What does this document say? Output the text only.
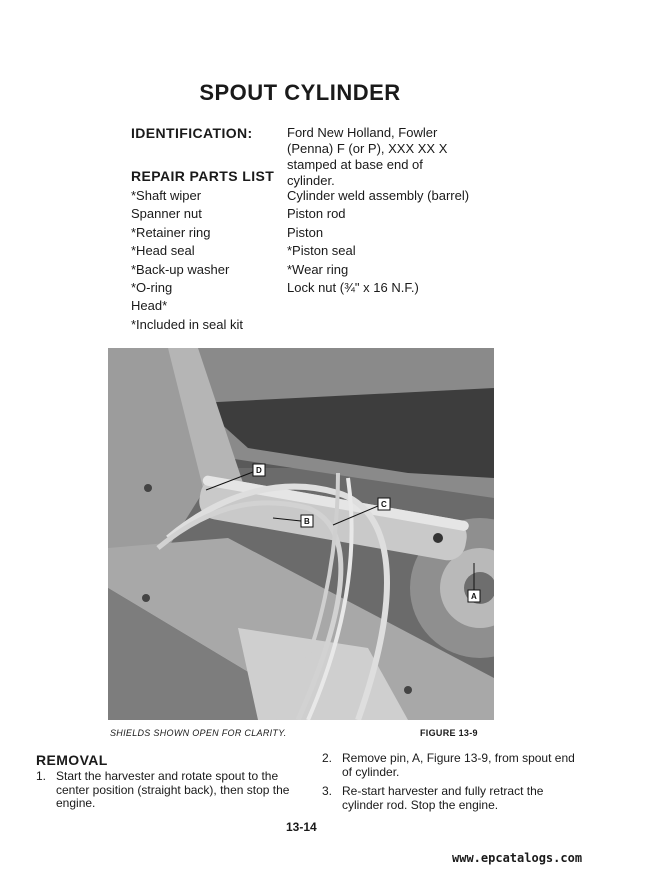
SPOUT CYLINDER
IDENTIFICATION:	Ford New Holland, Fowler
(Penna) F (or P), XXX XX X
stamped at base end of
cylinder.
REPAIR PARTS LIST
*Shaft wiper
Spanner nut
*Retainer ring
*Head seal
*Back-up washer
*O-ring
Head*
*Included in seal kit
Cylinder weld assembly (barrel)
Piston rod
Piston
*Piston seal
*Wear ring
Lock nut (¾" x 16 N.F.)
D
C
B
A
SHIELDS SHOWN OPEN FOR CLARITY.	FIGURE 13-9
REMOVAL
1. Start the harvester and rotate spout to the center position (straight back), then stop the engine.
2. Remove pin, A, Figure 13-9, from spout end of cylinder.
3. Re-start harvester and fully retract the cylinder rod. Stop the engine.
13-14
www.epcatalogs.com
